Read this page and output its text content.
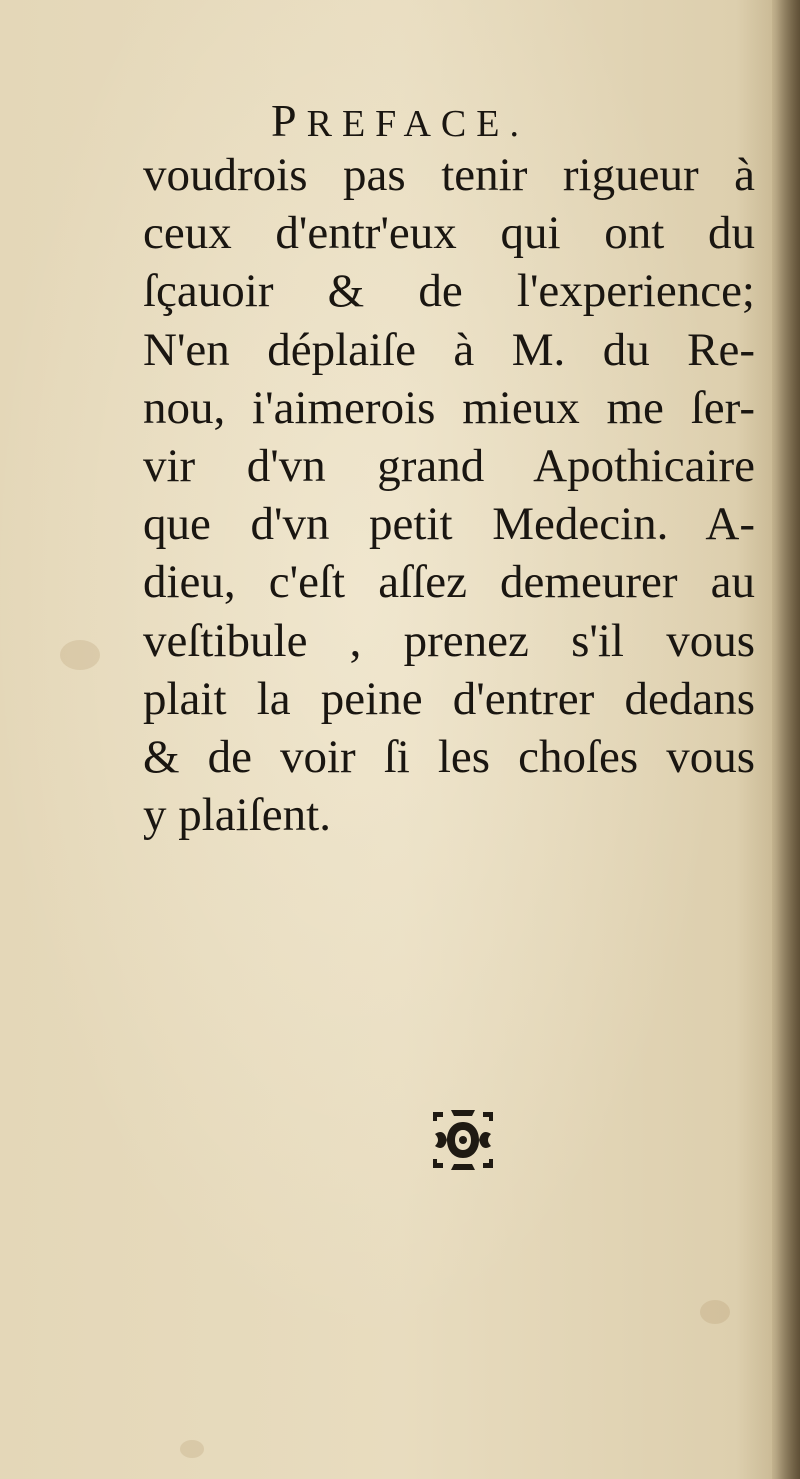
PREFACE.
voudrois pas tenir rigueur à
ceux d'entr'eux qui ont du
ſçauoir & de l'experience;
N'en déplaiſe à M. du Re-
nou, i'aimerois mieux me ſer-
vir d'vn grand Apothicaire
que d'vn petit Medecin. A-
dieu, c'eſt aſſez demeurer au
veſtibule , prenez s'il vous
plait la peine d'entrer dedans
& de voir ſi les choſes vous
y plaiſent.
